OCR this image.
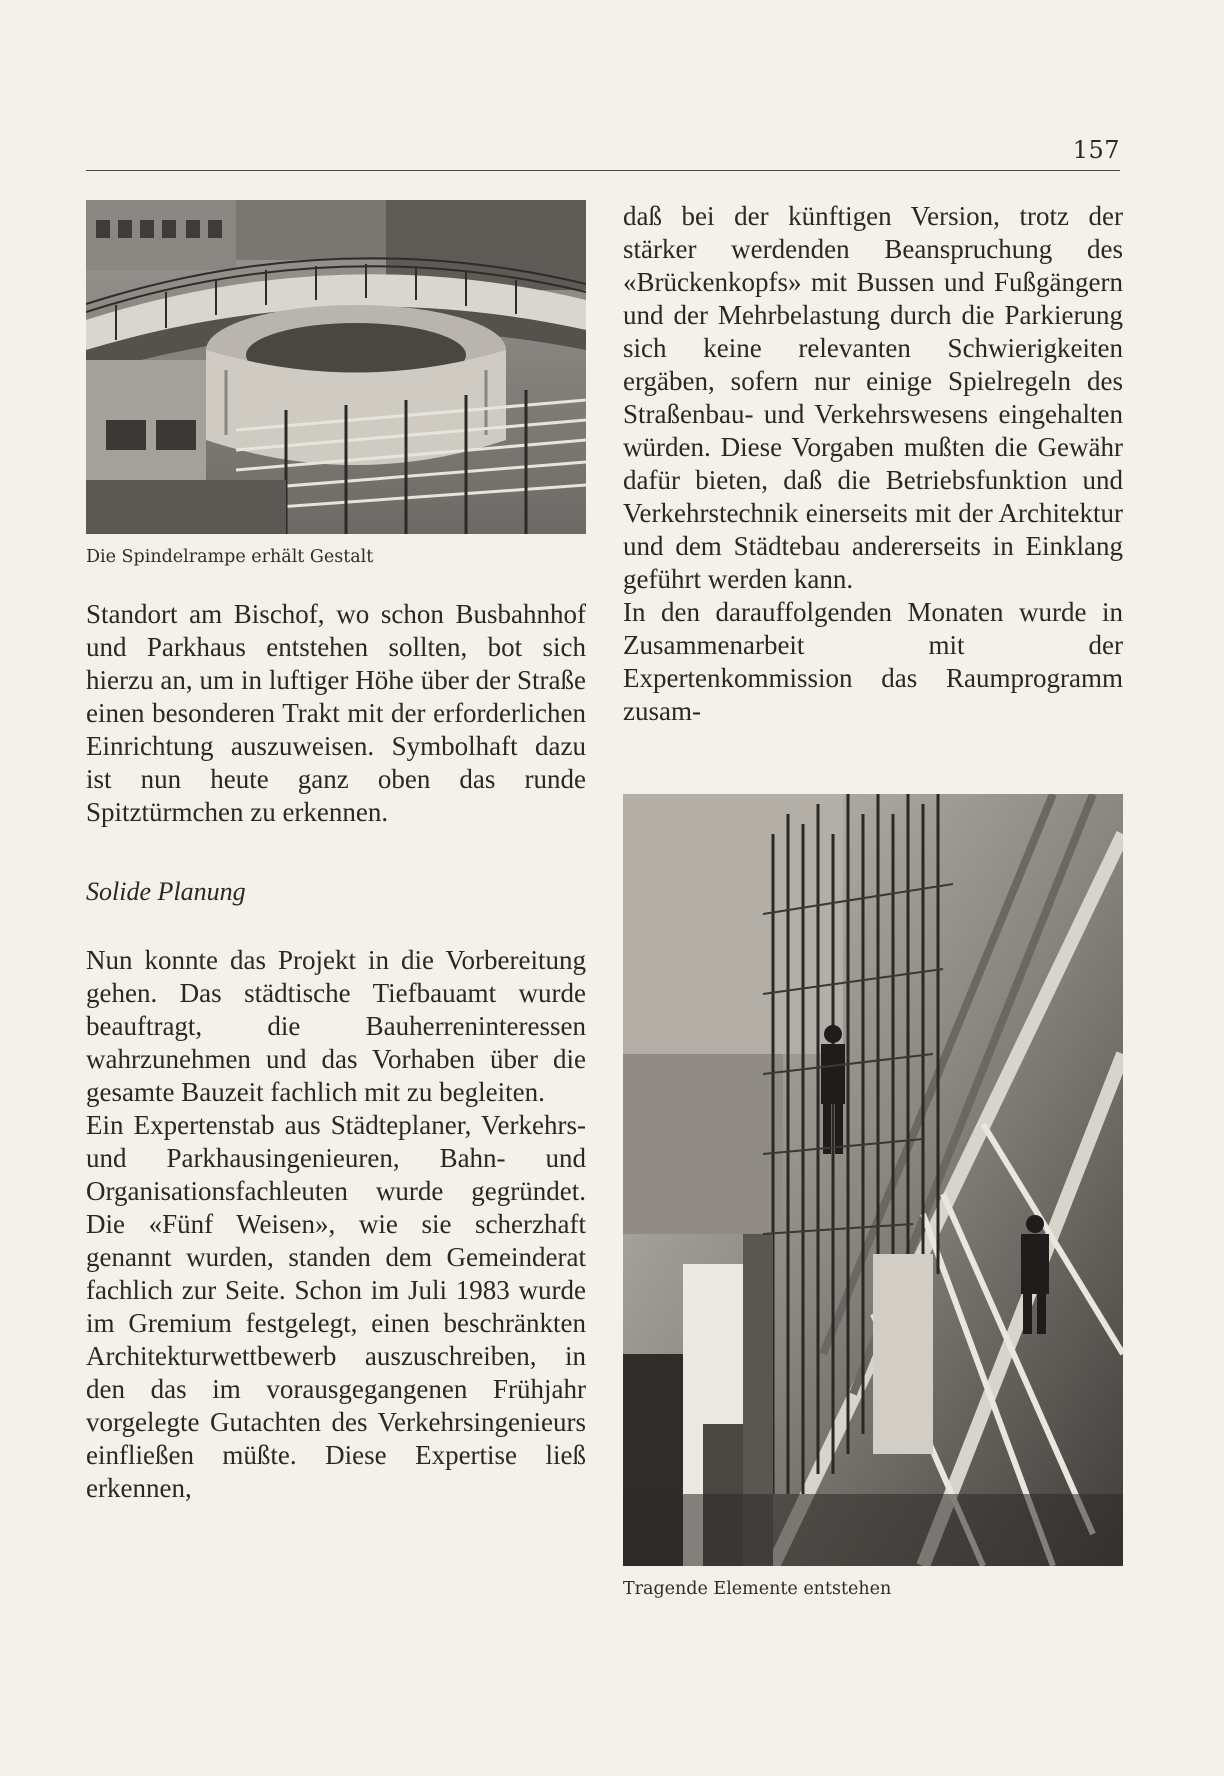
157
Die Spindelrampe erhält Gestalt

Standort am Bischof, wo schon Busbahnhof und Parkhaus entstehen sollten, bot sich hierzu an, um in luftiger Höhe über der Straße einen besonderen Trakt mit der erforderlichen Einrichtung auszuweisen. Symbolhaft dazu ist nun heute ganz oben das runde Spitztürmchen zu erkennen.

Solide Planung

Nun konnte das Projekt in die Vorbereitung gehen. Das städtische Tiefbauamt wurde beauftragt, die Bauherreninteressen wahrzunehmen und das Vorhaben über die gesamte Bauzeit fachlich mit zu begleiten.

Ein Expertenstab aus Städteplaner, Verkehrs- und Parkhausingenieuren, Bahn- und Organisationsfachleuten wurde gegründet. Die «Fünf Weisen», wie sie scherzhaft genannt wurden, standen dem Gemeinderat fachlich zur Seite. Schon im Juli 1983 wurde im Gremium festgelegt, einen beschränkten Architekturwettbewerb auszuschreiben, in den das im vorausgegangenen Frühjahr vorgelegte Gutachten des Verkehrsingenieurs einfließen müßte. Diese Expertise ließ erkennen,

daß bei der künftigen Version, trotz der stärker werdenden Beanspruchung des «Brückenkopfs» mit Bussen und Fußgängern und der Mehrbelastung durch die Parkierung sich keine relevanten Schwierigkeiten ergäben, sofern nur einige Spielregeln des Straßenbau- und Verkehrswesens eingehalten würden. Diese Vorgaben mußten die Gewähr dafür bieten, daß die Betriebsfunktion und Verkehrstechnik einerseits mit der Architektur und dem Städtebau andererseits in Einklang geführt werden kann.

In den darauffolgenden Monaten wurde in Zusammenarbeit mit der Expertenkommission das Raumprogramm zusam-

Tragende Elemente entstehen
